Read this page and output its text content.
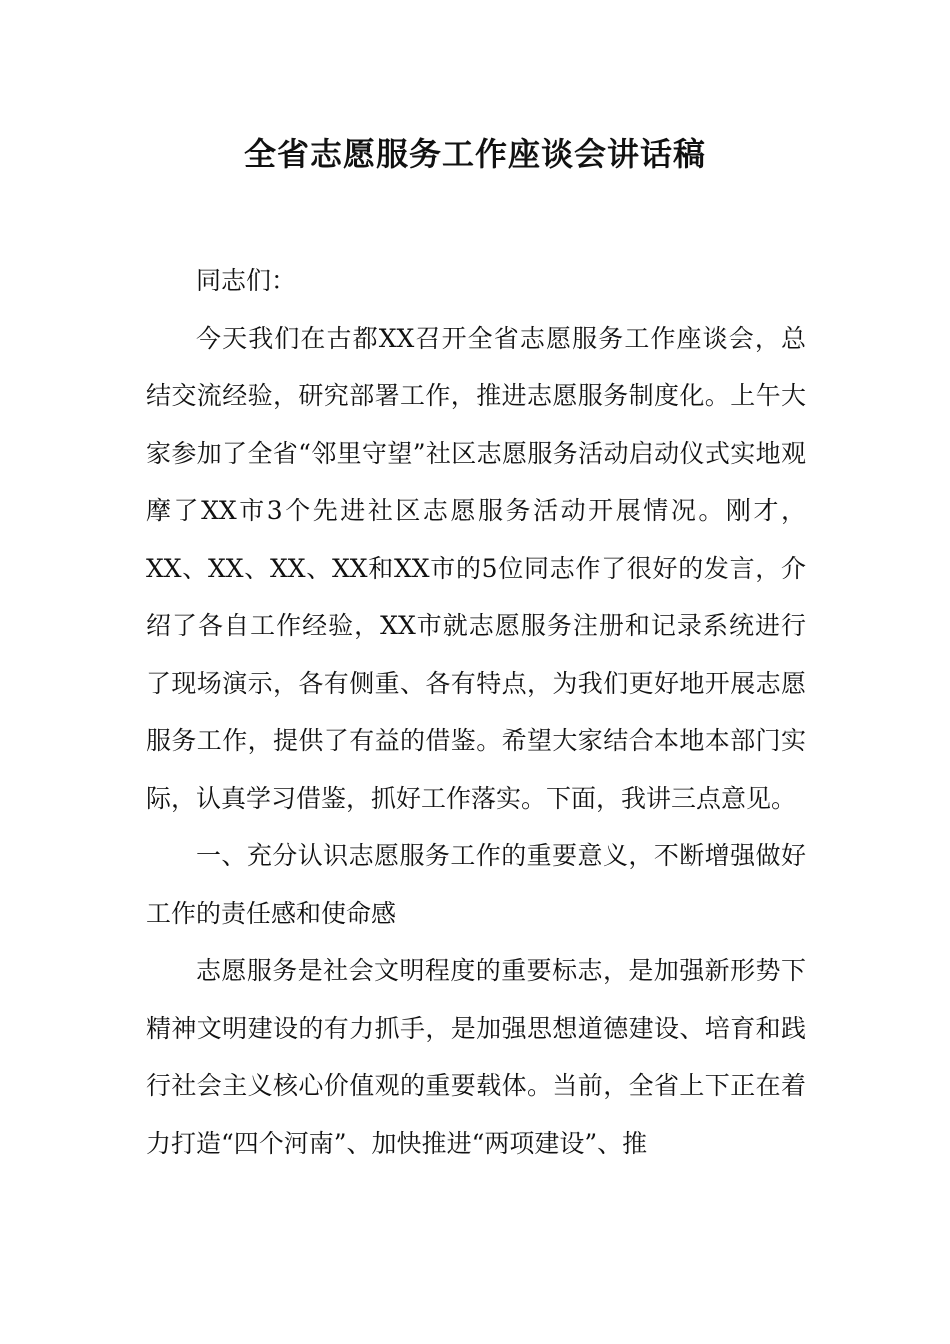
全省志愿服务工作座谈会讲话稿

同志们：

今天我们在古都XX召开全省志愿服务工作座谈会，总结交流经验，研究部署工作，推进志愿服务制度化。上午大家参加了全省“邻里守望”社区志愿服务活动启动仪式实地观摩了XX市3个先进社区志愿服务活动开展情况。刚才，XX、XX、XX、XX和XX市的5位同志作了很好的发言，介绍了各自工作经验，XX市就志愿服务注册和记录系统进行了现场演示，各有侧重、各有特点，为我们更好地开展志愿服务工作，提供了有益的借鉴。希望大家结合本地本部门实际，认真学习借鉴，抓好工作落实。下面，我讲三点意见。

一、充分认识志愿服务工作的重要意义，不断增强做好工作的责任感和使命感

志愿服务是社会文明程度的重要标志，是加强新形势下精神文明建设的有力抓手，是加强思想道德建设、培育和践行社会主义核心价值观的重要载体。当前，全省上下正在着力打造“四个河南”、加快推进“两项建设”、推
